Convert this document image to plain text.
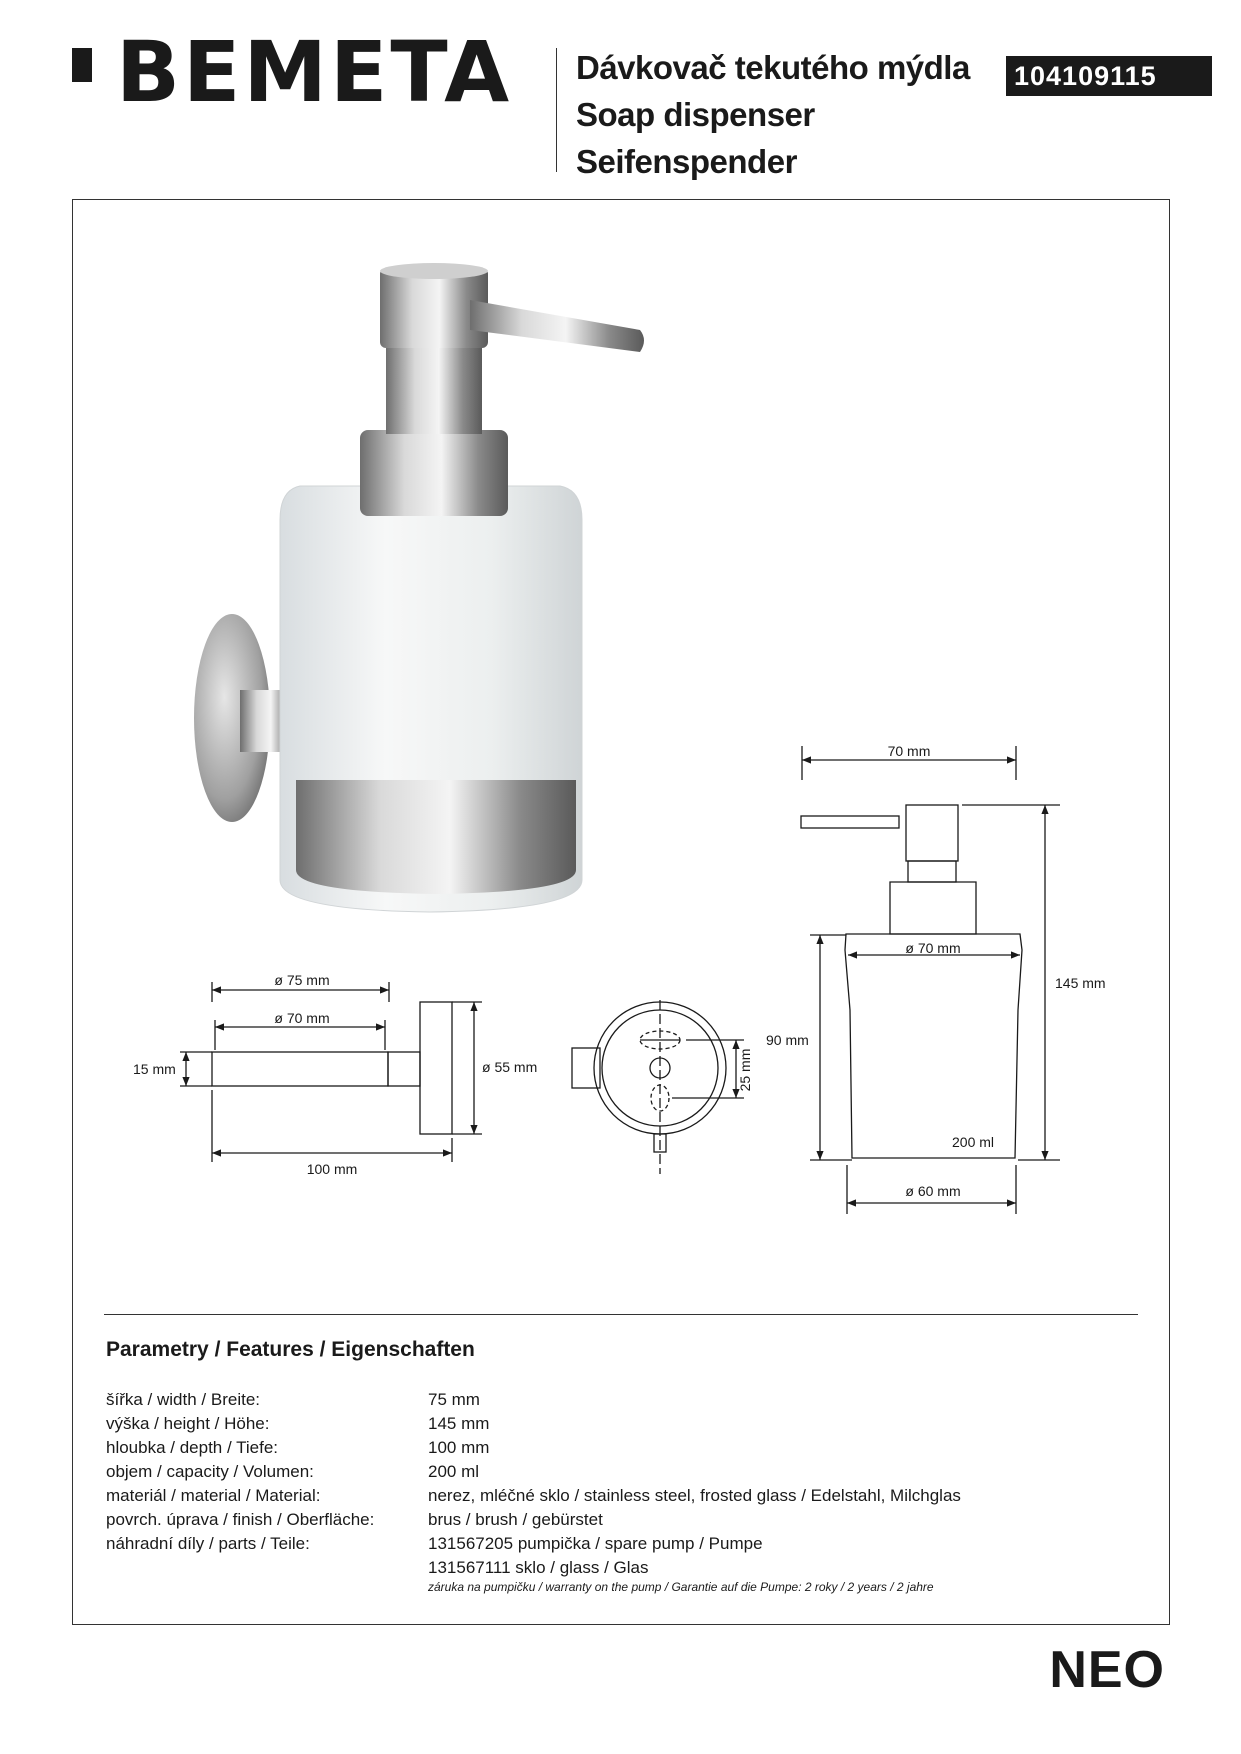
BEMETA Dávkovač tekutého mýdla
Soap dispenser
Seifenspender
104109115
70 mm
145 mm
ø 70 mm
90 mm
200 ml
ø 60 mm
ø 75 mm
ø 70 mm
15 mm	ø 55 mm
100 mm
25 mm
Parametry / Features / Eigenschaften
šířka / width / Breite:	75 mm
výška / height / Höhe:	145 mm
hloubka / depth / Tiefe:	100 mm
objem / capacity / Volumen:	200 ml
materiál / material / Material:	nerez, mléčné sklo / stainless steel, frosted glass / Edelstahl, Milchglas
povrch. úprava / finish / Oberfläche:	brus / brush / gebürstet
náhradní díly / parts / Teile:	131567205 pumpička / spare pump / Pumpe
131567111 sklo / glass / Glas
záruka na pumpičku / warranty on the pump / Garantie auf die Pumpe: 2 roky / 2 years / 2 jahre
NEO
